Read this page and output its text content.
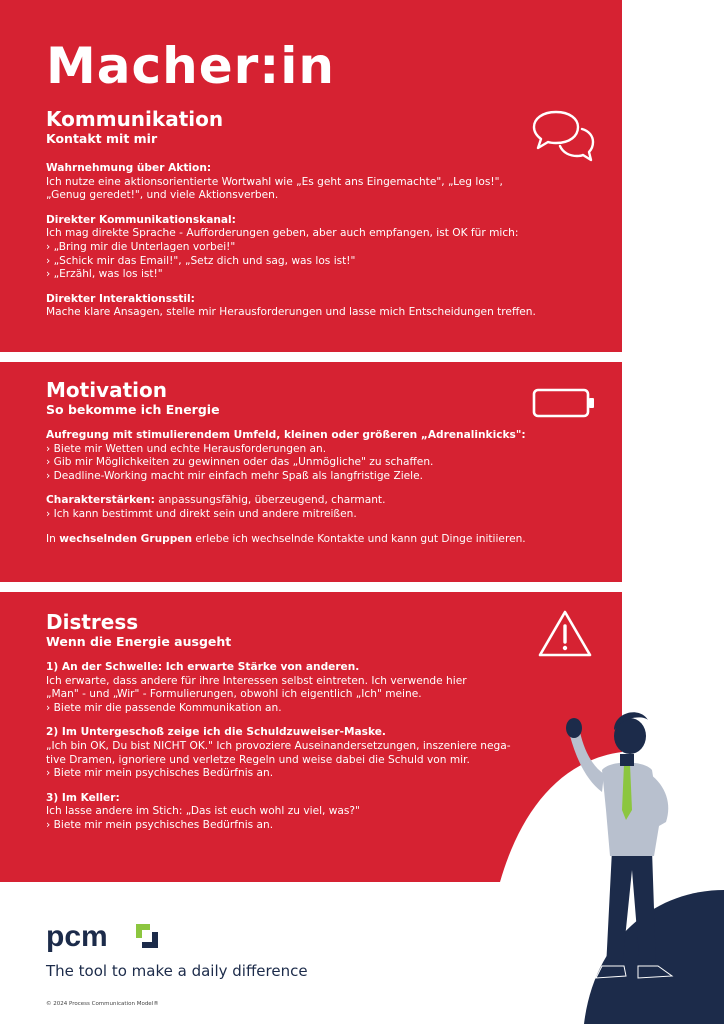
Macher:in
Kommunikation
Kontakt mit mir

Wahrnehmung über Aktion:
Ich nutze eine aktionsorientierte Wortwahl wie „Es geht ans Eingemachte", „Leg los!",
„Genug geredet!", und viele Aktionsverben.

Direkter Kommunikationskanal:
Ich mag direkte Sprache - Aufforderungen geben, aber auch empfangen, ist OK für mich:
› „Bring mir die Unterlagen vorbei!"
› „Schick mir das Email!", „Setz dich und sag, was los ist!"
› „Erzähl, was los ist!"

Direkter Interaktionsstil:
Mache klare Ansagen, stelle mir Herausforderungen und lasse mich Entscheidungen treffen.

Motivation
So bekomme ich Energie

Aufregung mit stimulierendem Umfeld, kleinen oder größeren „Adrenalinkicks":
› Biete mir Wetten und echte Herausforderungen an.
› Gib mir Möglichkeiten zu gewinnen oder das „Unmögliche" zu schaffen.
› Deadline-Working macht mir einfach mehr Spaß als langfristige Ziele.

Charakterstärken: anpassungsfähig, überzeugend, charmant.
› Ich kann bestimmt und direkt sein und andere mitreißen.

In wechselnden Gruppen erlebe ich wechselnde Kontakte und kann gut Dinge initiieren.

Distress
Wenn die Energie ausgeht

1) An der Schwelle: Ich erwarte Stärke von anderen.
Ich erwarte, dass andere für ihre Interessen selbst eintreten. Ich verwende hier
„Man" - und „Wir" - Formulierungen, obwohl ich eigentlich „Ich" meine.
› Biete mir die passende Kommunikation an.

2) Im Untergeschoß zeige ich die Schuldzuweiser-Maske.
„Ich bin OK, Du bist NICHT OK." Ich provoziere Auseinandersetzungen, inszeniere nega-
tive Dramen, ignoriere und verletze Regeln und weise dabei die Schuld von mir.
› Biete mir mein psychisches Bedürfnis an.

3) Im Keller:
Ich lasse andere im Stich: „Das ist euch wohl zu viel, was?"
› Biete mir mein psychisches Bedürfnis an.

pcm

The tool to make a daily difference

© 2024 Process Communication Model®
